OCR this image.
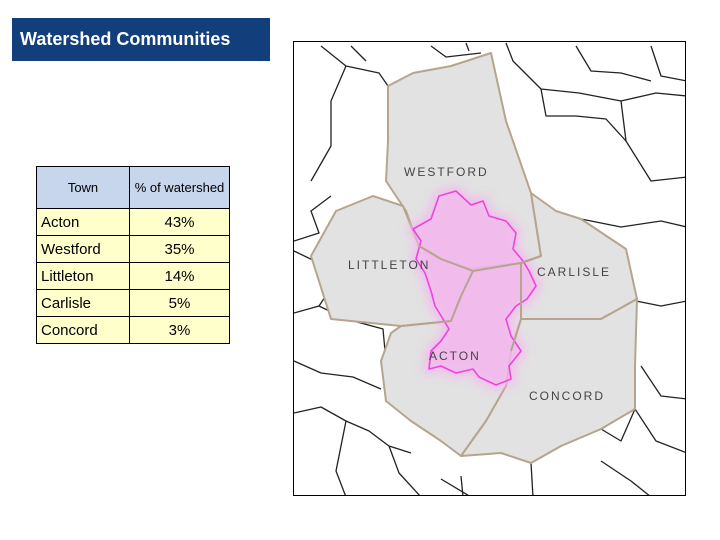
Watershed Communities
Town	% of watershed
Acton	43%
Westford	35%
Littleton	14%
Carlisle	5%
Concord	3%
WESTFORD
LITTLETON	CARLISLE
ACTON
CONCORD
